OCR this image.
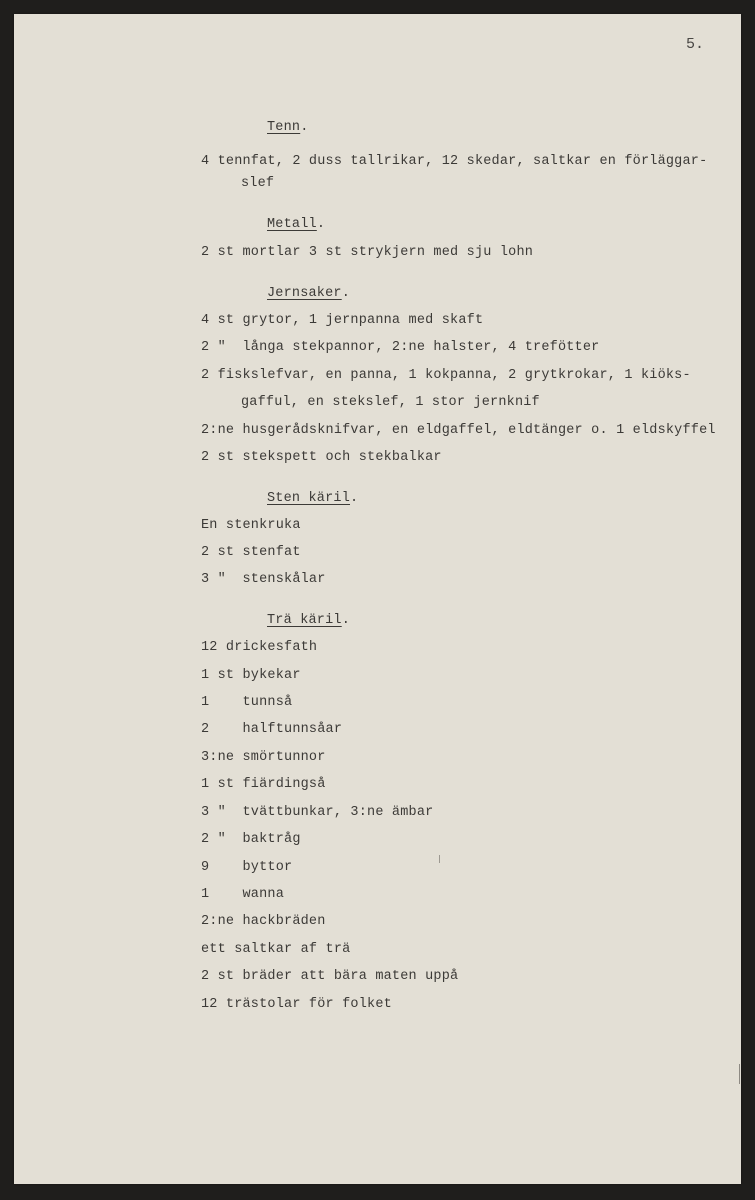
5.
Tenn.
4 tennfat, 2 duss tallrikar, 12 skedar, saltkar en förläggar-
slef
Metall.
2 st mortlar 3 st strykjern med sju lohn
Jernsaker.
4 st grytor, 1 jernpanna med skaft
2 "  långa stekpannor, 2:ne halster, 4 trefötter
2 fiskslefvar, en panna, 1 kokpanna, 2 grytkrokar, 1 kiöks-
gafful, en stekslef, 1 stor jernknif
2:ne husgerådsknifvar, en eldgaffel, eldtänger o. 1 eldskyffel
2 st stekspett och stekbalkar
Sten käril.
En stenkruka
2 st stenfat
3 "  stenskålar
Trä käril.
12 drickesfath
1 st bykekar
1    tunnså
2    halftunnsåar
3:ne smörtunnor
1 st fiärdingså
3 "  tvättbunkar, 3:ne ämbar
2 "  baktråg
9    byttor
1    wanna
2:ne hackbräden
ett saltkar af trä
2 st bräder att bära maten uppå
12 trästolar för folket
